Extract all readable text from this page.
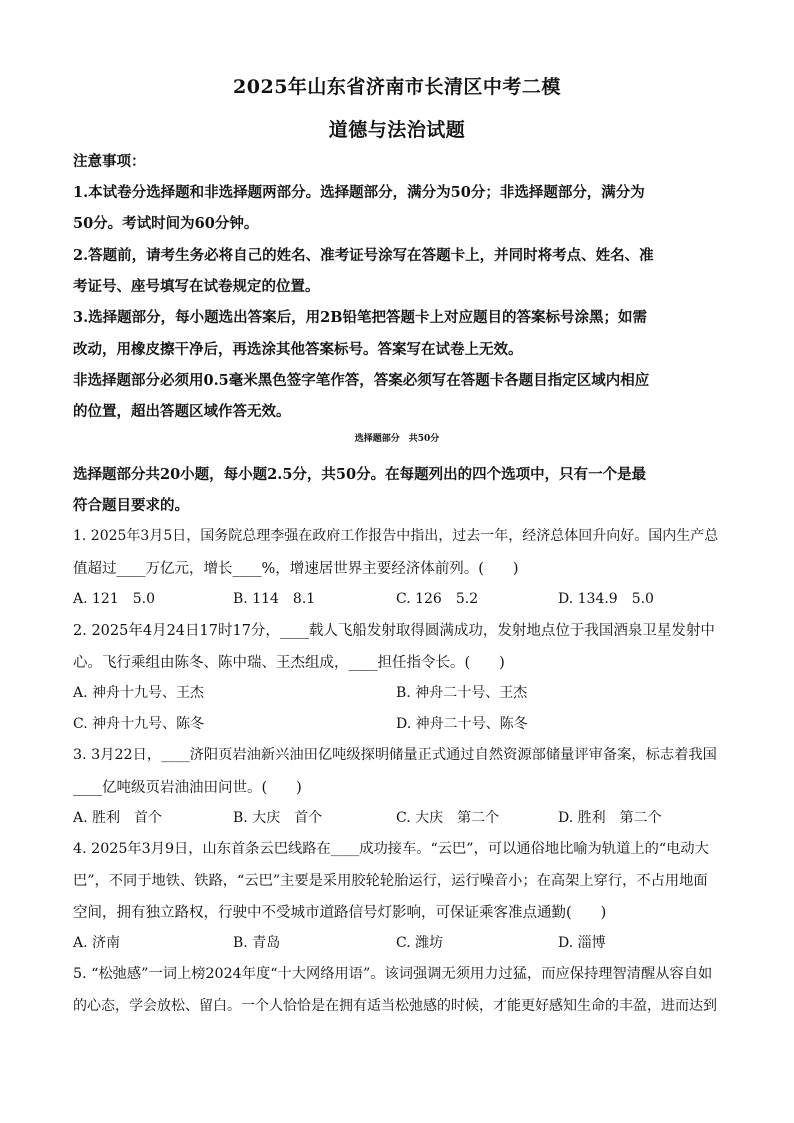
2025年山东省济南市长清区中考二模
道德与法治试题
注意事项：
1.本试卷分选择题和非选择题两部分。选择题部分，满分为50分；非选择题部分，满分为
50分。考试时间为60分钟。
2.答题前，请考生务必将自己的姓名、准考证号涂写在答题卡上，并同时将考点、姓名、准
考证号、座号填写在试卷规定的位置。
3.选择题部分，每小题选出答案后，用2B铅笔把答题卡上对应题目的答案标号涂黑；如需
改动，用橡皮擦干净后，再选涂其他答案标号。答案写在试卷上无效。
非选择题部分必须用0.5毫米黑色签字笔作答，答案必须写在答题卡各题目指定区域内相应
的位置，超出答题区域作答无效。
选择题部分　共50分
选择题部分共20小题，每小题2.5分，共50分。在每题列出的四个选项中，只有一个是最
符合题目要求的。
1. 2025年3月5日，国务院总理李强在政府工作报告中指出，过去一年，经济总体回升向好。国内生产总
值超过____万亿元，增长____%，增速居世界主要经济体前列。(　　)
A. 121　5.0	B. 114　8.1	C. 126　5.2	D. 134.9　5.0
2. 2025年4月24日17时17分，____载人飞船发射取得圆满成功，发射地点位于我国酒泉卫星发射中
心。飞行乘组由陈冬、陈中瑞、王杰组成，____担任指令长。(　　)
A. 神舟十九号、王杰	B. 神舟二十号、王杰
C. 神舟十九号、陈冬	D. 神舟二十号、陈冬
3. 3月22日，____济阳页岩油新兴油田亿吨级探明储量正式通过自然资源部储量评审备案，标志着我国
____亿吨级页岩油油田问世。(　　)
A. 胜利　首个	B. 大庆　首个	C. 大庆　第二个	D. 胜利　第二个
4. 2025年3月9日，山东首条云巴线路在____成功接车。“云巴”，可以通俗地比喻为轨道上的“电动大
巴”，不同于地铁、铁路，“云巴”主要是采用胶轮轮胎运行，运行噪音小；在高架上穿行，不占用地面
空间，拥有独立路权，行驶中不受城市道路信号灯影响，可保证乘客准点通勤(　　)
A. 济南	B. 青岛	C. 潍坊	D. 淄博
5. “松弛感”一词上榜2024年度“十大网络用语”。该词强调无须用力过猛，而应保持理智清醒从容自如
的心态，学会放松、留白。一个人恰恰是在拥有适当松弛感的时候，才能更好感知生命的丰盈，进而达到
